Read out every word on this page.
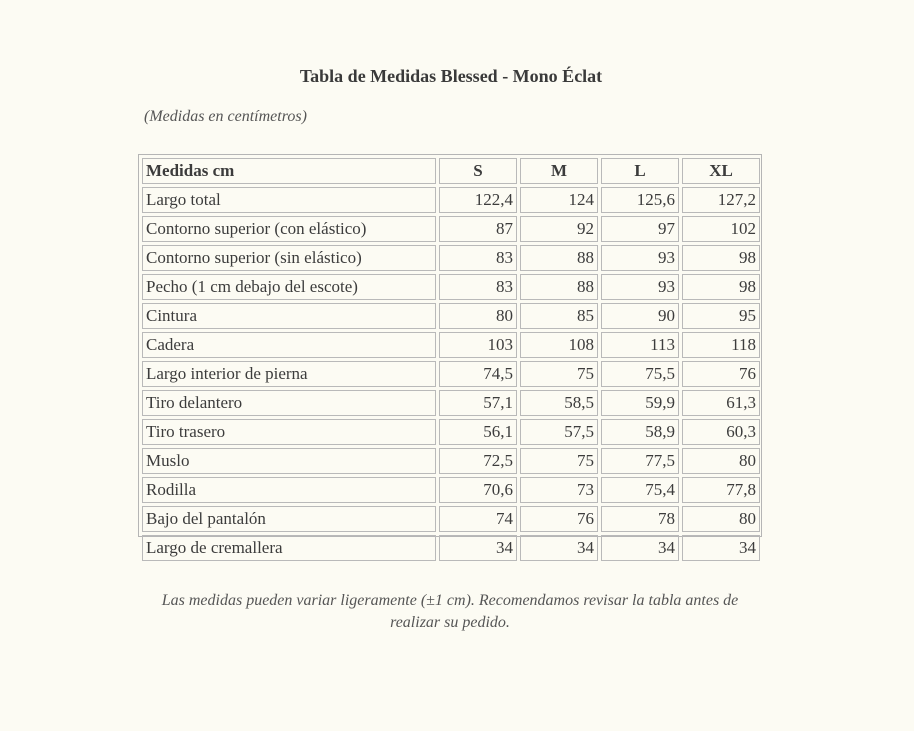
Tabla de Medidas Blessed - Mono Éclat
(Medidas en centímetros)
Medidas cm	S	M	L	XL
Largo total	122,4	124	125,6	127,2
Contorno superior (con elástico)	87	92	97	102
Contorno superior (sin elástico)	83	88	93	98
Pecho (1 cm debajo del escote)	83	88	93	98
Cintura	80	85	90	95
Cadera	103	108	113	118
Largo interior de pierna	74,5	75	75,5	76
Tiro delantero	57,1	58,5	59,9	61,3
Tiro trasero	56,1	57,5	58,9	60,3
Muslo	72,5	75	77,5	80
Rodilla	70,6	73	75,4	77,8
Bajo del pantalón	74	76	78	80
Largo de cremallera	34	34	34	34
Las medidas pueden variar ligeramente (±1 cm). Recomendamos revisar la tabla antes de realizar su pedido.
